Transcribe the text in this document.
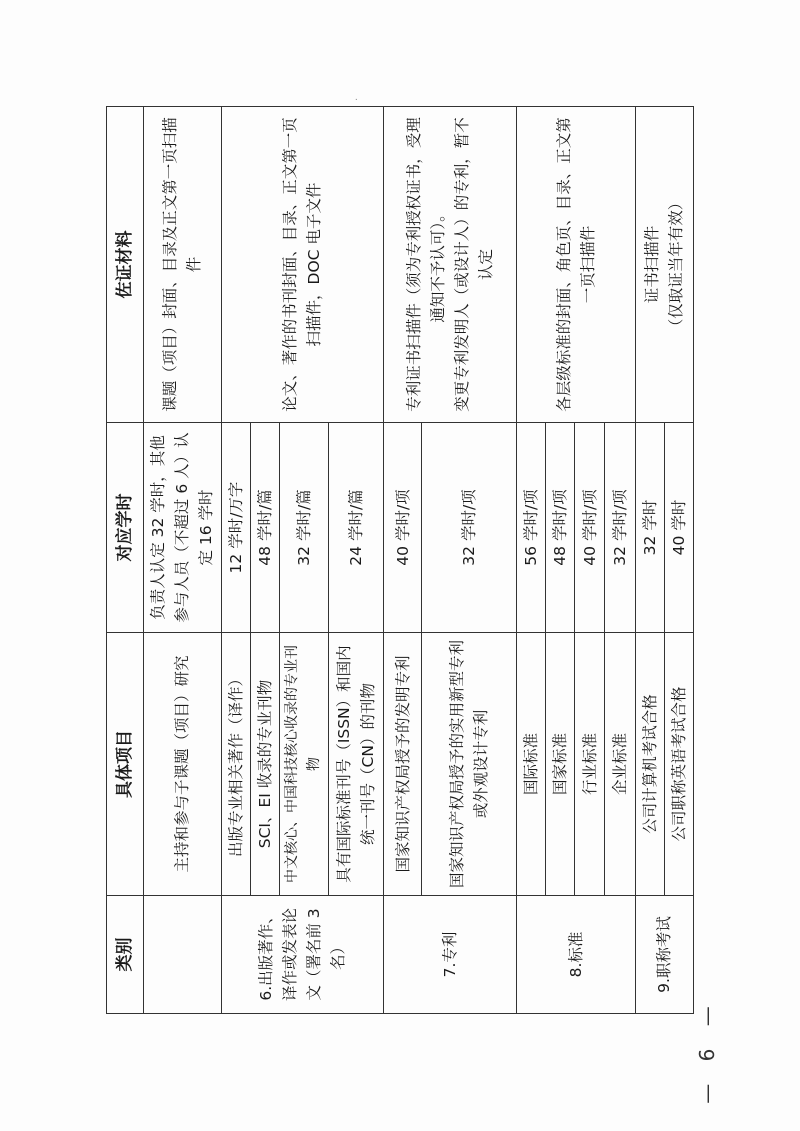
类别	具体项目	对应学时	佐证材料
	主持和参与子课题（项目）研究	负责人认定 32 学时，其他参与人员（不超过 6 人）认定 16 学时	课题（项目）封面、目录及正文第一页扫描件
6.出版著作、译作或发表论文（署名前 3 名）	出版专业相关著作（译作）	12 学时/万字	论文、著作的书刊封面、目录、正文第一页扫描件，DOC 电子文件
	SCI、EI 收录的专业刊物	48 学时/篇	
	中文核心、中国科技核心收录的专业刊物	32 学时/篇	
	具有国际标准刊号（ISSN）和国内统一刊号（CN）的刊物	24 学时/篇	
7.专利	国家知识产权局授予的发明专利	40 学时/项	专利证书扫描件（须为专利授权证书，受理通知不予认可）。 变更专利发明人（或设计人）的专利，暂不认定

	国家知识产权局授予的实用新型专利或外观设计专利	32 学时/项	
8.标准	国际标准	56 学时/项	各层级标准的封面、角色页、目录、正文第一页扫描件
	国家标准	48 学时/项	
	行业标准	40 学时/项	
	企业标准	32 学时/项	
9.职称考试	公司计算机考试合格	32 学时	证书扫描件 （仅取证当年有效）

	公司职称英语考试合格	40 学时	
— 6 —
·
